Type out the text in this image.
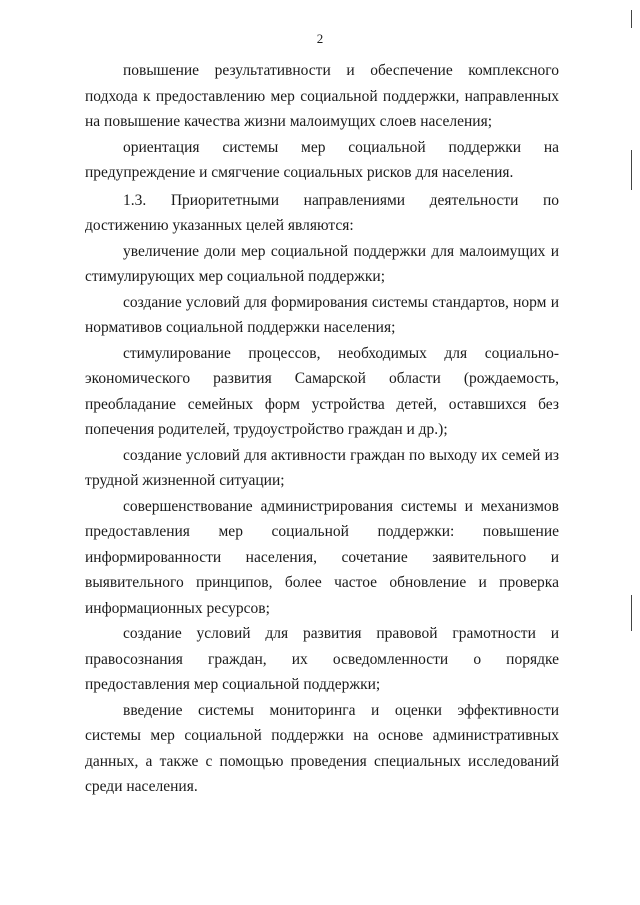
2

повышение результативности и обеспечение комплексного подхода к предоставлению мер социальной поддержки, направленных на повышение качества жизни малоимущих слоев населения;

ориентация системы мер социальной поддержки на предупреждение и смягчение социальных рисков для населения.

1.3. Приоритетными направлениями деятельности по достижению указанных целей являются:

увеличение доли мер социальной поддержки для малоимущих и стимулирующих мер социальной поддержки;

создание условий для формирования системы стандартов, норм и нормативов социальной поддержки населения;

стимулирование процессов, необходимых для социально-экономического развития Самарской области (рождаемость, преобладание семейных форм устройства детей, оставшихся без попечения родителей, трудоустройство граждан и др.);

создание условий для активности граждан по выходу их семей из трудной жизненной ситуации;

совершенствование администрирования системы и механизмов предоставления мер социальной поддержки: повышение информированности населения, сочетание заявительного и выявительного принципов, более частое обновление и проверка информационных ресурсов;

создание условий для развития правовой грамотности и правосознания граждан, их осведомленности о порядке предоставления мер социальной поддержки;

введение системы мониторинга и оценки эффективности системы мер социальной поддержки на основе административных данных, а также с помощью проведения специальных исследований среди населения.
